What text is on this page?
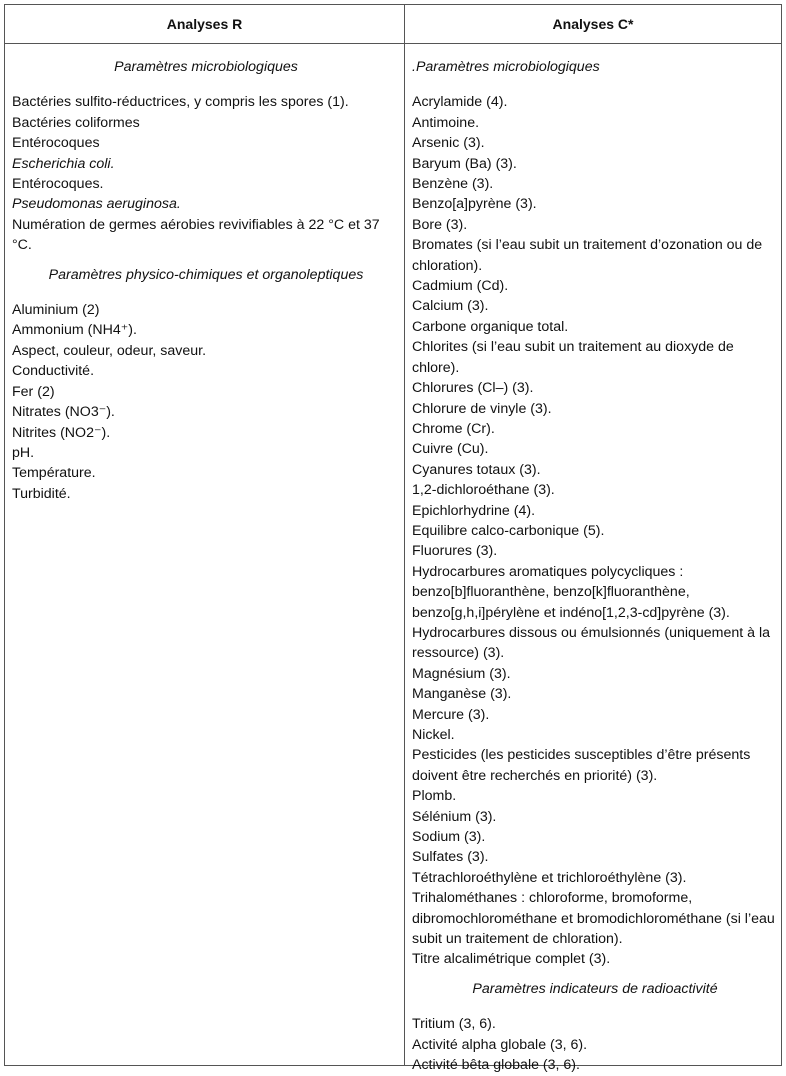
Analyses R	Analyses C*
Paramètres microbiologiques
Bactéries sulfito-réductrices, y compris les spores (1).
Bactéries coliformes
Entérocoques
Escherichia coli.
Entérocoques.
Pseudomonas aeruginosa.
Numération de germes aérobies revivifiables à 22 °C et 37 °C.
Paramètres physico-chimiques et organoleptiques
Aluminium (2)
Ammonium (NH4⁺).
Aspect, couleur, odeur, saveur.
Conductivité.
Fer (2)
Nitrates (NO3⁻).
Nitrites (NO2⁻).
pH.
Température.
Turbidité.
.Paramètres microbiologiques
Acrylamide (4).
Antimoine.
Arsenic (3).
Baryum (Ba) (3).
Benzène (3).
Benzo[a]pyrène (3).
Bore (3).
Bromates (si l’eau subit un traitement d’ozonation ou de chloration).
Cadmium (Cd).
Calcium (3).
Carbone organique total.
Chlorites (si l’eau subit un traitement au dioxyde de chlore).
Chlorures (Cl–) (3).
Chlorure de vinyle (3).
Chrome (Cr).
Cuivre (Cu).
Cyanures totaux (3).
1,2-dichloroéthane (3).
Epichlorhydrine (4).
Equilibre calco-carbonique (5).
Fluorures (3).
Hydrocarbures aromatiques polycycliques : benzo[b]fluoranthène, benzo[k]fluoranthène, benzo[g,h,i]pérylène et indéno[1,2,3-cd]pyrène (3).
Hydrocarbures dissous ou émulsionnés (uniquement à la ressource) (3).
Magnésium (3).
Manganèse (3).
Mercure (3).
Nickel.
Pesticides (les pesticides susceptibles d’être présents doivent être recherchés en priorité) (3).
Plomb.
Sélénium (3).
Sodium (3).
Sulfates (3).
Tétrachloroéthylène et trichloroéthylène (3).
Trihalométhanes : chloroforme, bromoforme, dibromochlorométhane et bromodichlorométhane (si l’eau subit un traitement de chloration).
Titre alcalimétrique complet (3).
Paramètres indicateurs de radioactivité
Tritium (3, 6).
Activité alpha globale (3, 6).
Activité bêta globale (3, 6).
